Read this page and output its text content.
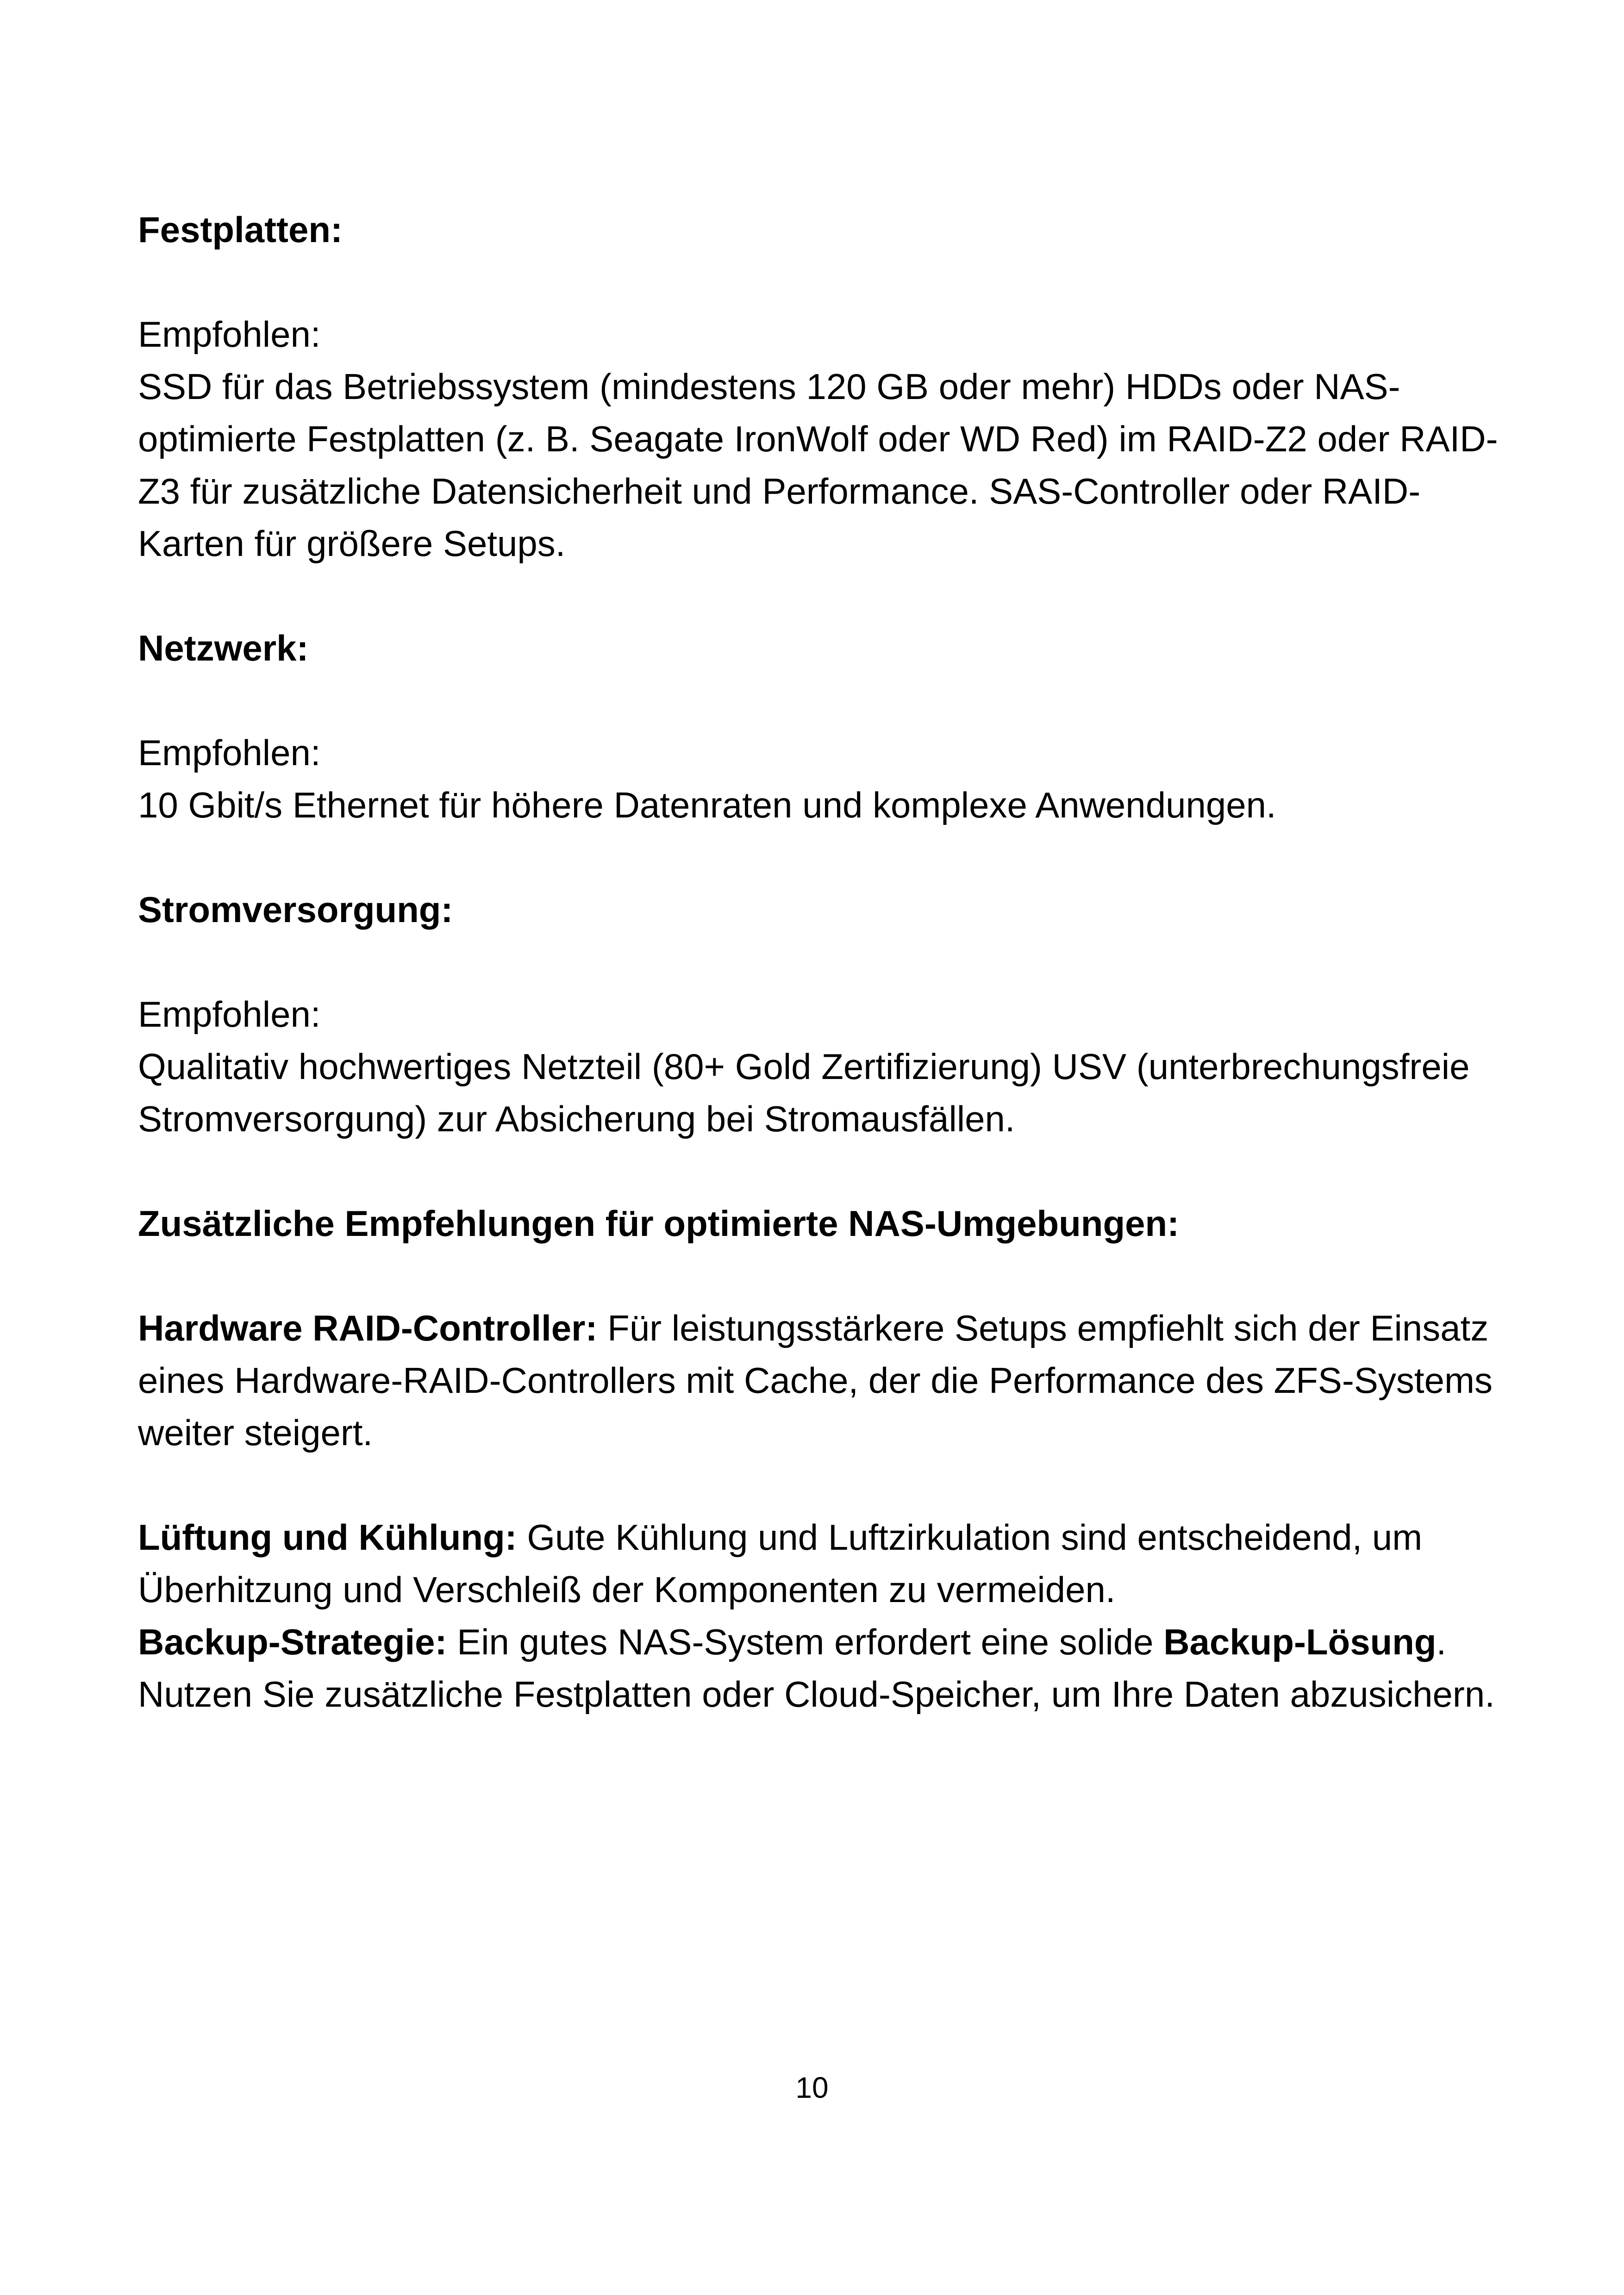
Festplatten:

Empfohlen:

SSD für das Betriebssystem (mindestens 120 GB oder mehr) HDDs oder NAS-optimierte Festplatten (z. B. Seagate IronWolf oder WD Red) im RAID-Z2 oder RAID-Z3 für zusätzliche Datensicherheit und Performance. SAS-Controller oder RAID-Karten für größere Setups.

Netzwerk:

Empfohlen:

10 Gbit/s Ethernet für höhere Datenraten und komplexe Anwendungen.

Stromversorgung:

Empfohlen:

Qualitativ hochwertiges Netzteil (80+ Gold Zertifizierung) USV (unterbrechungsfreie Stromversorgung) zur Absicherung bei Stromausfällen.

Zusätzliche Empfehlungen für optimierte NAS-Umgebungen:

Hardware RAID-Controller: Für leistungsstärkere Setups empfiehlt sich der Einsatz eines Hardware-RAID-Controllers mit Cache, der die Performance des ZFS-Systems weiter steigert.

Lüftung und Kühlung: Gute Kühlung und Luftzirkulation sind entscheidend, um Überhitzung und Verschleiß der Komponenten zu vermeiden.

Backup-Strategie: Ein gutes NAS-System erfordert eine solide Backup-Lösung. Nutzen Sie zusätzliche Festplatten oder Cloud-Speicher, um Ihre Daten abzusichern.

10
